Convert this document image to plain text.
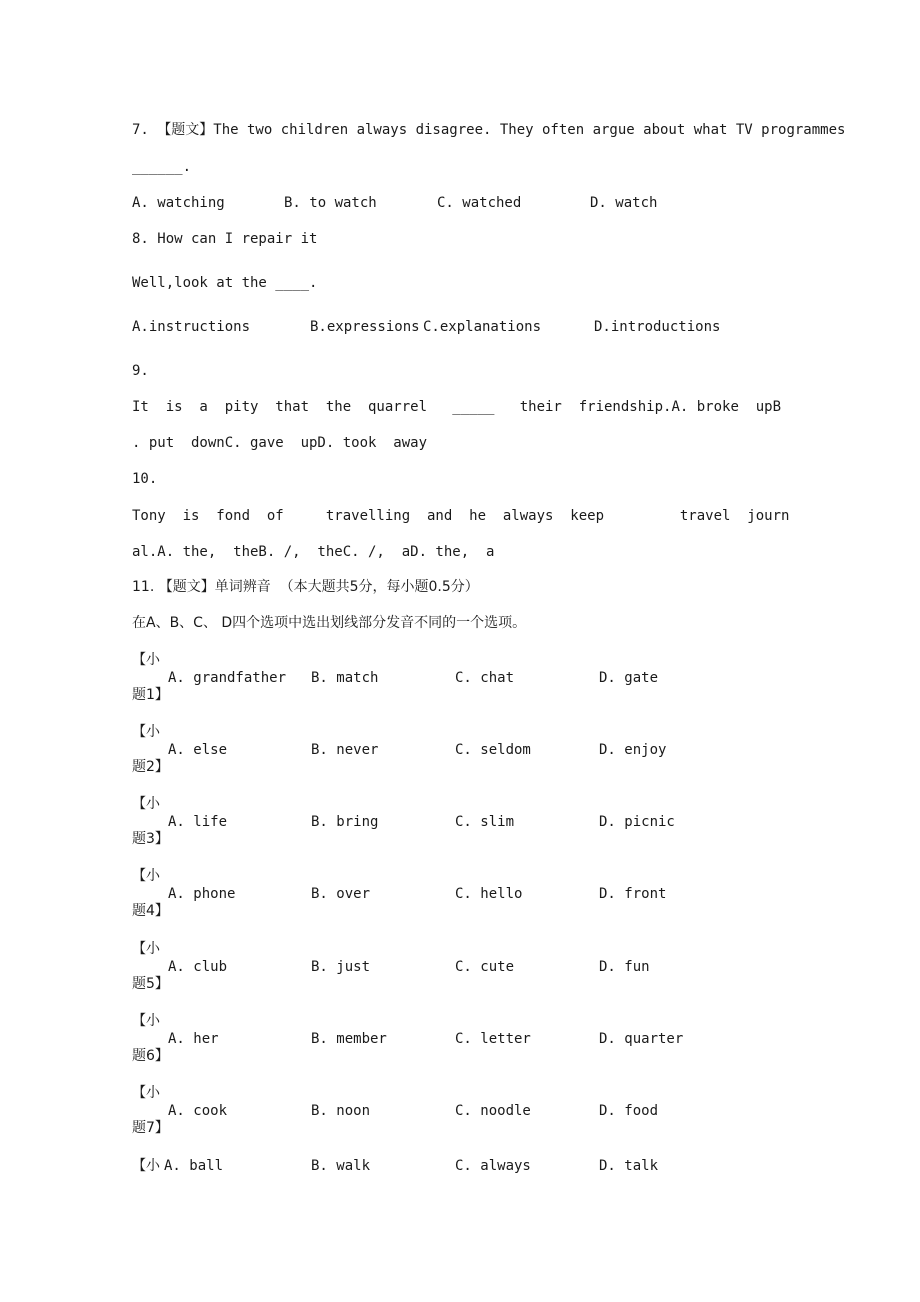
7. 【题文】The two children always disagree. They often argue about what TV programmes
______.
A. watching	B. to watch	C. watched	D. watch
8. How can I repair it
Well,look at the ____.
A.instructions	B.expressions C.explanations	D.introductions
9.
It  is  a  pity  that  the  quarrel   _____   their  friendship.A. broke  upB
. put  downC. gave  upD. took  away
10.
Tony  is  fond  of     travelling  and  he  always  keep         travel  journ
al.A. the,  theB. /,  theC. /,  aD. the,  a
11. 【题文】单词辨音  （本大题共5分，每小题0.5分）
在A、B、C、 D四个选项中选出划线部分发音不同的一个选项。
【小
题1】
A. grandfather B. match	C. chat	D. gate
【小
题2】
A. else	B. never	C. seldom	D. enjoy
【小
题3】
A. life	B. bring	C. slim	D. picnic
【小
题4】
A. phone	B. over	C. hello	D. front
【小
题5】
A. club	B. just	C. cute	D. fun
【小
题6】
A. her	B. member	C. letter	D. quarter
【小
题7】
A. cook	B. noon	C. noodle	D. food
【小 A. ball	B. walk	C. always	D. talk
